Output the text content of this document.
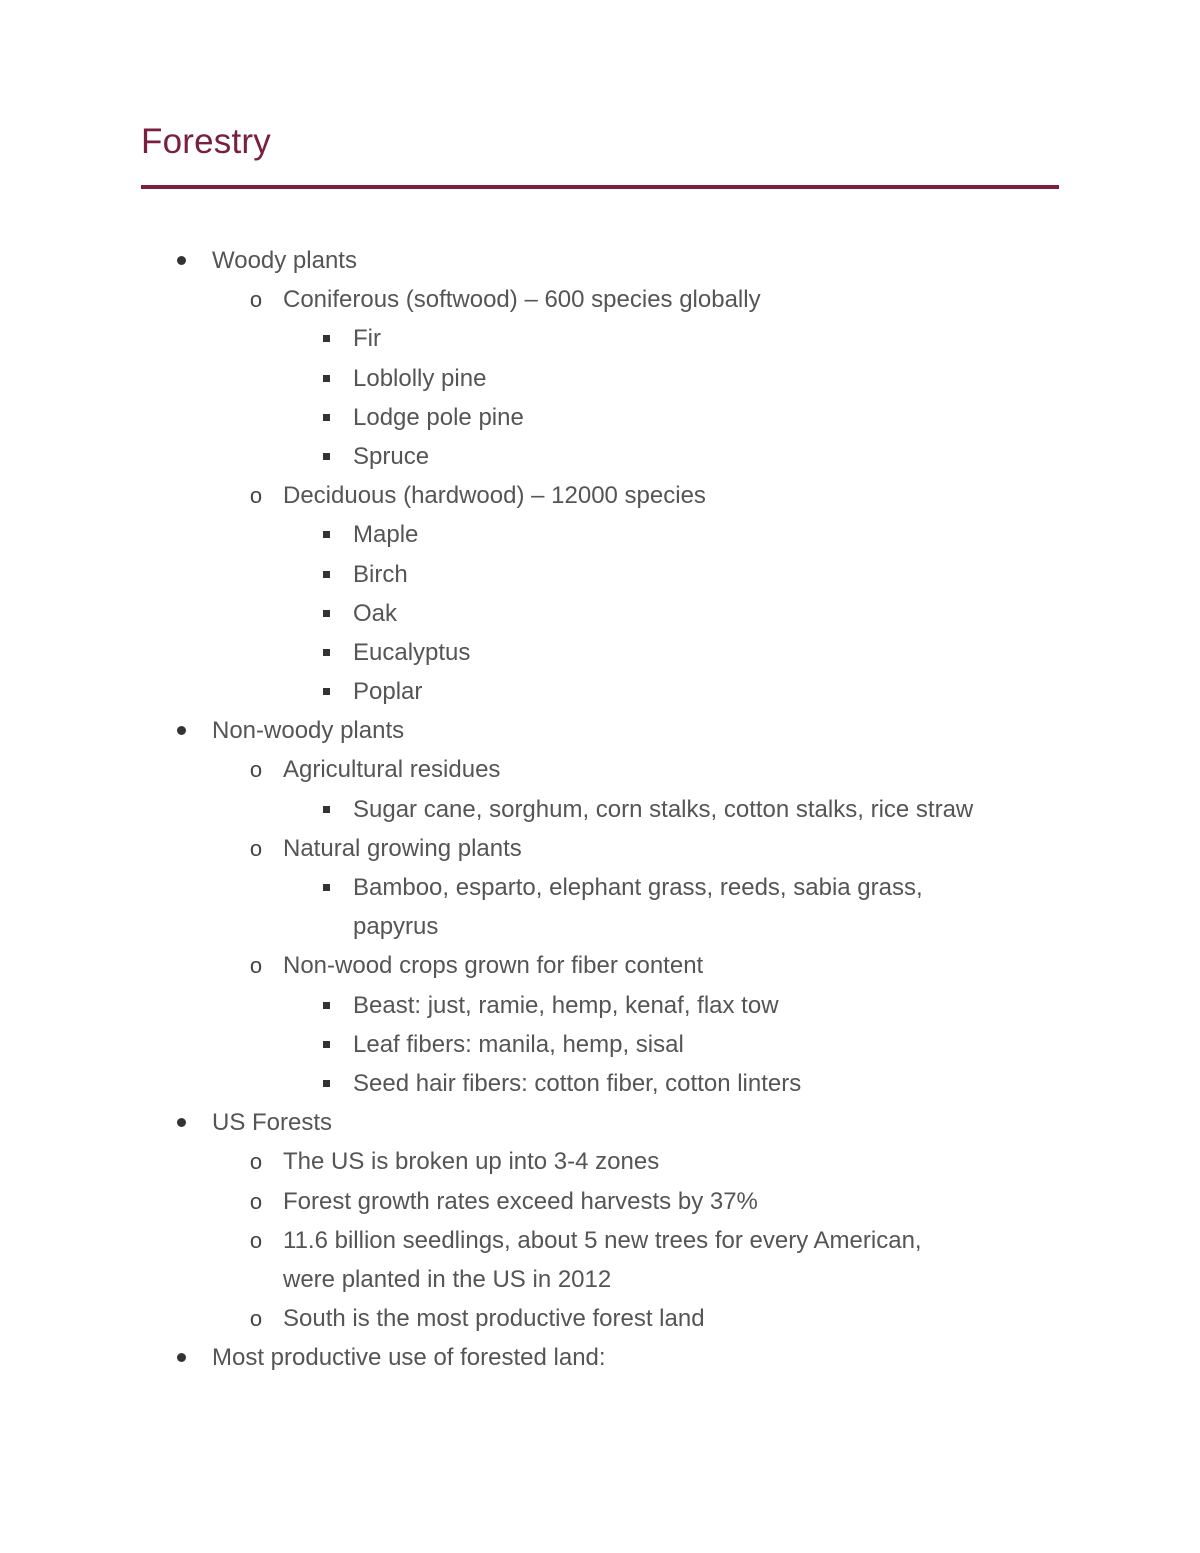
Forestry
Woody plants
o Coniferous (softwood) – 600 species globally
Fir
Loblolly pine
Lodge pole pine
Spruce
o Deciduous (hardwood) – 12000 species
Maple
Birch
Oak
Eucalyptus
Poplar
Non-woody plants
o Agricultural residues
Sugar cane, sorghum, corn stalks, cotton stalks, rice straw
o Natural growing plants
Bamboo, esparto, elephant grass, reeds, sabia grass,
papyrus
o Non-wood crops grown for fiber content
Beast: just, ramie, hemp, kenaf, flax tow
Leaf fibers: manila, hemp, sisal
Seed hair fibers: cotton fiber, cotton linters
US Forests
o The US is broken up into 3-4 zones
o Forest growth rates exceed harvests by 37%
o 11.6 billion seedlings, about 5 new trees for every American,
were planted in the US in 2012
o South is the most productive forest land
Most productive use of forested land:
